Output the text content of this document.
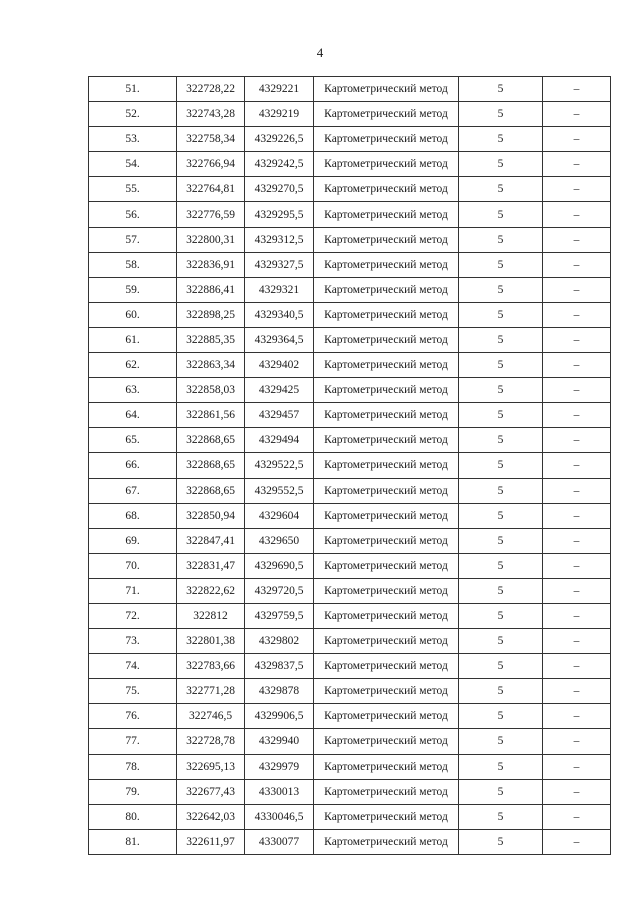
4
51.	322728,22	4329221	Картометрический метод	5	–
52.	322743,28	4329219	Картометрический метод	5	–
53.	322758,34	4329226,5	Картометрический метод	5	–
54.	322766,94	4329242,5	Картометрический метод	5	–
55.	322764,81	4329270,5	Картометрический метод	5	–
56.	322776,59	4329295,5	Картометрический метод	5	–
57.	322800,31	4329312,5	Картометрический метод	5	–
58.	322836,91	4329327,5	Картометрический метод	5	–
59.	322886,41	4329321	Картометрический метод	5	–
60.	322898,25	4329340,5	Картометрический метод	5	–
61.	322885,35	4329364,5	Картометрический метод	5	–
62.	322863,34	4329402	Картометрический метод	5	–
63.	322858,03	4329425	Картометрический метод	5	–
64.	322861,56	4329457	Картометрический метод	5	–
65.	322868,65	4329494	Картометрический метод	5	–
66.	322868,65	4329522,5	Картометрический метод	5	–
67.	322868,65	4329552,5	Картометрический метод	5	–
68.	322850,94	4329604	Картометрический метод	5	–
69.	322847,41	4329650	Картометрический метод	5	–
70.	322831,47	4329690,5	Картометрический метод	5	–
71.	322822,62	4329720,5	Картометрический метод	5	–
72.	322812	4329759,5	Картометрический метод	5	–
73.	322801,38	4329802	Картометрический метод	5	–
74.	322783,66	4329837,5	Картометрический метод	5	–
75.	322771,28	4329878	Картометрический метод	5	–
76.	322746,5	4329906,5	Картометрический метод	5	–
77.	322728,78	4329940	Картометрический метод	5	–
78.	322695,13	4329979	Картометрический метод	5	–
79.	322677,43	4330013	Картометрический метод	5	–
80.	322642,03	4330046,5	Картометрический метод	5	–
81.	322611,97	4330077	Картометрический метод	5	–
